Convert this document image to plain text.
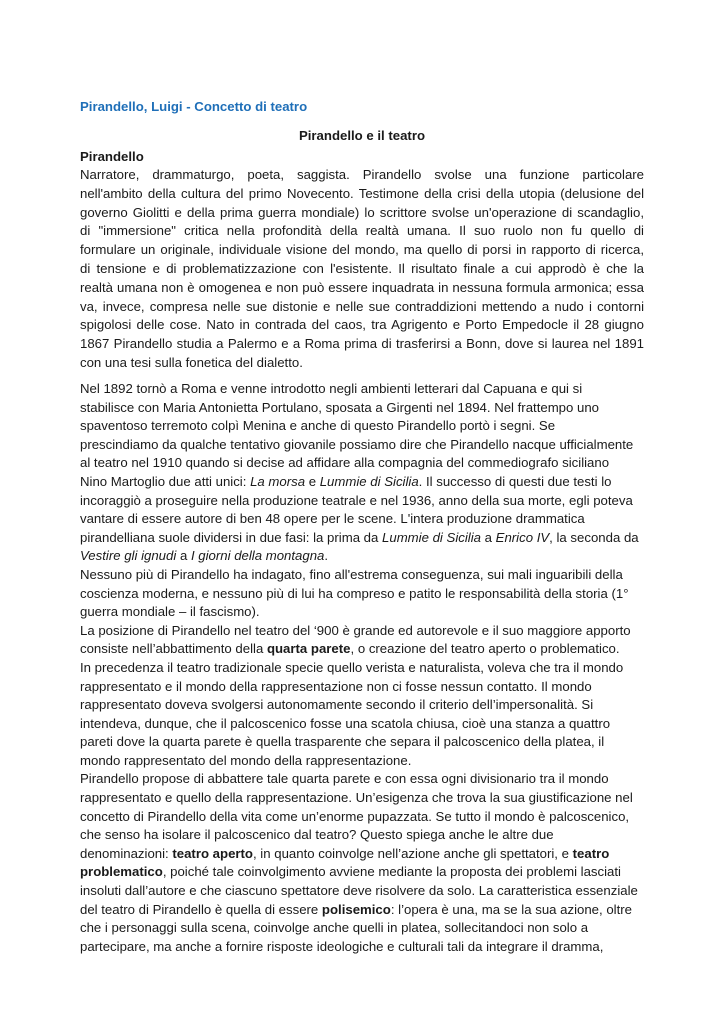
Pirandello, Luigi - Concetto di teatro
Pirandello e il teatro
Pirandello
Narratore, drammaturgo, poeta, saggista. Pirandello svolse una funzione particolare
nell'ambito della cultura del primo Novecento. Testimone della crisi della utopia (delusione del
governo Giolitti e della prima guerra mondiale) lo scrittore svolse un'operazione di scandaglio,
di "immersione" critica nella profondità della realtà umana. Il suo ruolo non fu quello di
formulare un originale, individuale visione del mondo, ma quello di porsi in rapporto di ricerca,
di tensione e di problematizzazione con l'esistente. Il risultato finale a cui approdò è che la
realtà umana non è omogenea e non può essere inquadrata in nessuna formula armonica; essa
va, invece, compresa nelle sue distonie e nelle sue contraddizioni mettendo a nudo i contorni
spigolosi delle cose. Nato in contrada del caos, tra Agrigento e Porto Empedocle il 28 giugno
1867 Pirandello studia a Palermo e a Roma prima di trasferirsi a Bonn, dove si laurea nel 1891
con una tesi sulla fonetica del dialetto.
Nel 1892 tornò a Roma e venne introdotto negli ambienti letterari dal Capuana e qui si
stabilisce con Maria Antonietta Portulano, sposata a Girgenti nel 1894. Nel frattempo uno
spaventoso terremoto colpì Menina e anche di questo Pirandello portò i segni. Se
prescindiamo da qualche tentativo giovanile possiamo dire che Pirandello nacque ufficialmente
al teatro nel 1910 quando si decise ad affidare alla compagnia del commediografo siciliano
Nino Martoglio due atti unici: La morsa e Lummie di Sicilia. Il successo di questi due testi lo
incoraggiò a proseguire nella produzione teatrale e nel 1936, anno della sua morte, egli poteva
vantare di essere autore di ben 48 opere per le scene. L'intera produzione drammatica
pirandelliana suole dividersi in due fasi: la prima da Lummie di Sicilia a Enrico IV, la seconda da
Vestire gli ignudi a I giorni della montagna.
Nessuno più di Pirandello ha indagato, fino all'estrema conseguenza, sui mali inguaribili della
coscienza moderna, e nessuno più di lui ha compreso e patito le responsabilità della storia (1°
guerra mondiale – il fascismo).
La posizione di Pirandello nel teatro del ‘900 è grande ed autorevole e il suo maggiore apporto
consiste nell’abbattimento della quarta parete, o creazione del teatro aperto o problematico.
In precedenza il teatro tradizionale specie quello verista e naturalista, voleva che tra il mondo
rappresentato e il mondo della rappresentazione non ci fosse nessun contatto. Il mondo
rappresentato doveva svolgersi autonomamente secondo il criterio dell’impersonalità. Si
intendeva, dunque, che il palcoscenico fosse una scatola chiusa, cioè una stanza a quattro
pareti dove la quarta parete è quella trasparente che separa il palcoscenico della platea, il
mondo rappresentato del mondo della rappresentazione.
Pirandello propose di abbattere tale quarta parete e con essa ogni divisionario tra il mondo
rappresentato e quello della rappresentazione. Un’esigenza che trova la sua giustificazione nel
concetto di Pirandello della vita come un’enorme pupazzata. Se tutto il mondo è palcoscenico,
che senso ha isolare il palcoscenico dal teatro? Questo spiega anche le altre due
denominazioni: teatro aperto, in quanto coinvolge nell’azione anche gli spettatori, e teatro
problematico, poiché tale coinvolgimento avviene mediante la proposta dei problemi lasciati
insoluti dall’autore e che ciascuno spettatore deve risolvere da solo. La caratteristica essenziale
del teatro di Pirandello è quella di essere polisemico: l’opera è una, ma se la sua azione, oltre
che i personaggi sulla scena, coinvolge anche quelli in platea, sollecitandoci non solo a
partecipare, ma anche a fornire risposte ideologiche e culturali tali da integrare il dramma,
